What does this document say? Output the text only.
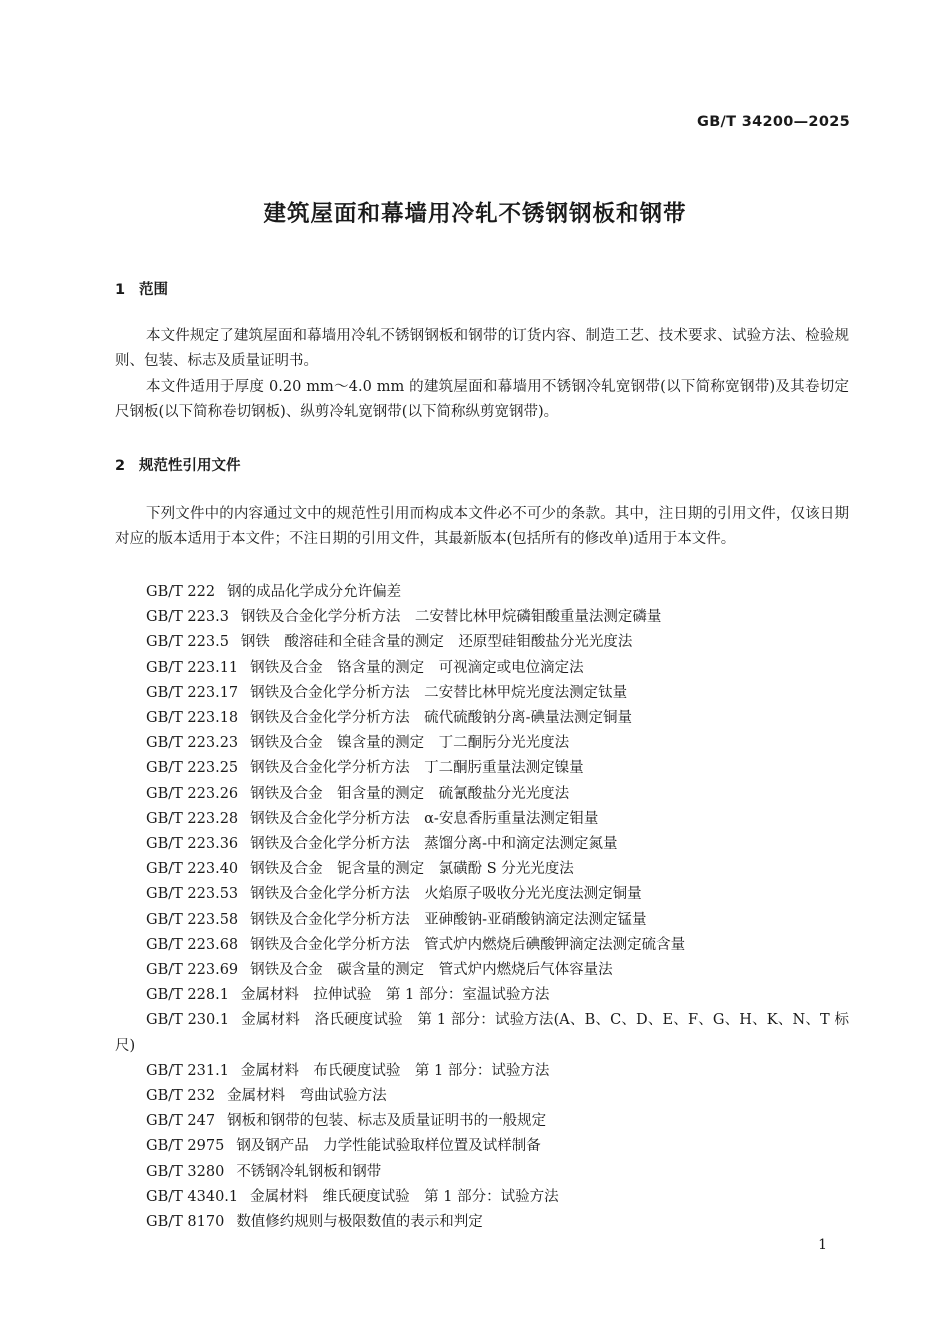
GB/T 34200—2025
建筑屋面和幕墙用冷轧不锈钢钢板和钢带
1 范围

本文件规定了建筑屋面和幕墙用冷轧不锈钢钢板和钢带的订货内容、制造工艺、技术要求、试验方法、检验规则、包装、标志及质量证明书。

本文件适用于厚度 0.20 mm～4.0 mm 的建筑屋面和幕墙用不锈钢冷轧宽钢带(以下简称宽钢带)及其卷切定尺钢板(以下简称卷切钢板)、纵剪冷轧宽钢带(以下简称纵剪宽钢带)。

2 规范性引用文件

下列文件中的内容通过文中的规范性引用而构成本文件必不可少的条款。其中，注日期的引用文件，仅该日期对应的版本适用于本文件；不注日期的引用文件，其最新版本(包括所有的修改单)适用于本文件。

GB/T 222 钢的成品化学成分允许偏差
GB/T 223.3 钢铁及合金化学分析方法　二安替比林甲烷磷钼酸重量法测定磷量
GB/T 223.5 钢铁　酸溶硅和全硅含量的测定　还原型硅钼酸盐分光光度法
GB/T 223.11 钢铁及合金　铬含量的测定　可视滴定或电位滴定法
GB/T 223.17 钢铁及合金化学分析方法　二安替比林甲烷光度法测定钛量
GB/T 223.18 钢铁及合金化学分析方法　硫代硫酸钠分离-碘量法测定铜量
GB/T 223.23 钢铁及合金　镍含量的测定　丁二酮肟分光光度法
GB/T 223.25 钢铁及合金化学分析方法　丁二酮肟重量法测定镍量
GB/T 223.26 钢铁及合金　钼含量的测定　硫氰酸盐分光光度法
GB/T 223.28 钢铁及合金化学分析方法　α-安息香肟重量法测定钼量
GB/T 223.36 钢铁及合金化学分析方法　蒸馏分离-中和滴定法测定氮量
GB/T 223.40 钢铁及合金　铌含量的测定　氯磺酚 S 分光光度法
GB/T 223.53 钢铁及合金化学分析方法　火焰原子吸收分光光度法测定铜量
GB/T 223.58 钢铁及合金化学分析方法　亚砷酸钠-亚硝酸钠滴定法测定锰量
GB/T 223.68 钢铁及合金化学分析方法　管式炉内燃烧后碘酸钾滴定法测定硫含量
GB/T 223.69 钢铁及合金　碳含量的测定　管式炉内燃烧后气体容量法
GB/T 228.1 金属材料　拉伸试验　第 1 部分：室温试验方法
GB/T 230.1 金属材料　洛氏硬度试验　第 1 部分：试验方法(A、B、C、D、E、F、G、H、K、N、T 标尺)
GB/T 231.1 金属材料　布氏硬度试验　第 1 部分：试验方法
GB/T 232 金属材料　弯曲试验方法
GB/T 247 钢板和钢带的包装、标志及质量证明书的一般规定
GB/T 2975 钢及钢产品　力学性能试验取样位置及试样制备
GB/T 3280 不锈钢冷轧钢板和钢带
GB/T 4340.1 金属材料　维氏硬度试验　第 1 部分：试验方法
GB/T 8170 数值修约规则与极限数值的表示和判定
1
